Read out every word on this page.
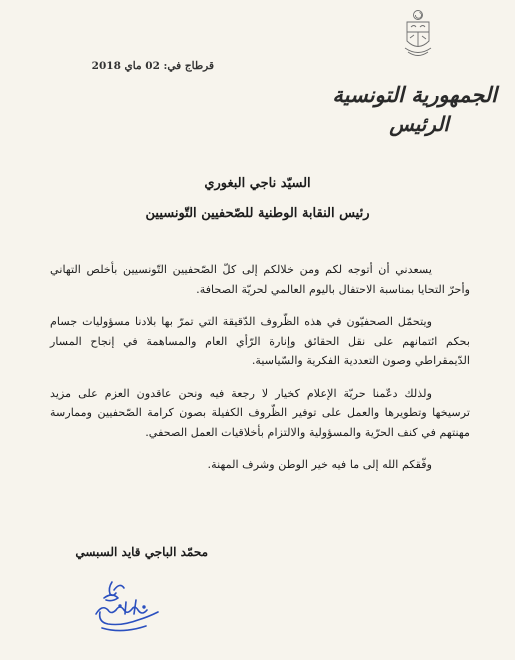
الجمهورية التونسية
الرئيس
قرطاج في: 02 ماي 2018
السيّد ناجي البغوري
رئيس النقابة الوطنية للصّحفيين التّونسيين

يسعدني أن أتوجه لكم ومن خلالكم إلى كلّ الصّحفيين التّونسيين بأخلص التهاني وأحرّ التحايا بمناسبة الاحتفال باليوم العالمي لحريّة الصحافة.

ويتحمّل الصحفيّون في هذه الظّروف الدّقيقة التي تمرّ بها بلادنا مسؤوليات جسام بحكم ائتمانهم على نقل الحقائق وإنارة الرّأي العام والمساهمة في إنجاح المسار الدّيمقراطي وصون التعددية الفكرية والسّياسية.

ولذلك دعّمنا حريّة الإعلام كخيار لا رجعة فيه ونحن عاقدون العزم على مزيد ترسيخها وتطويرها والعمل على توفير الظّروف الكفيلة بصون كرامة الصّحفيين وممارسة مهنتهم في كنف الحرّية والمسؤولية والالتزام بأخلاقيات العمل الصحفي.

وفّقكم الله إلى ما فيه خير الوطن وشرف المهنة.

محمّد الباجي قايد السبسي
